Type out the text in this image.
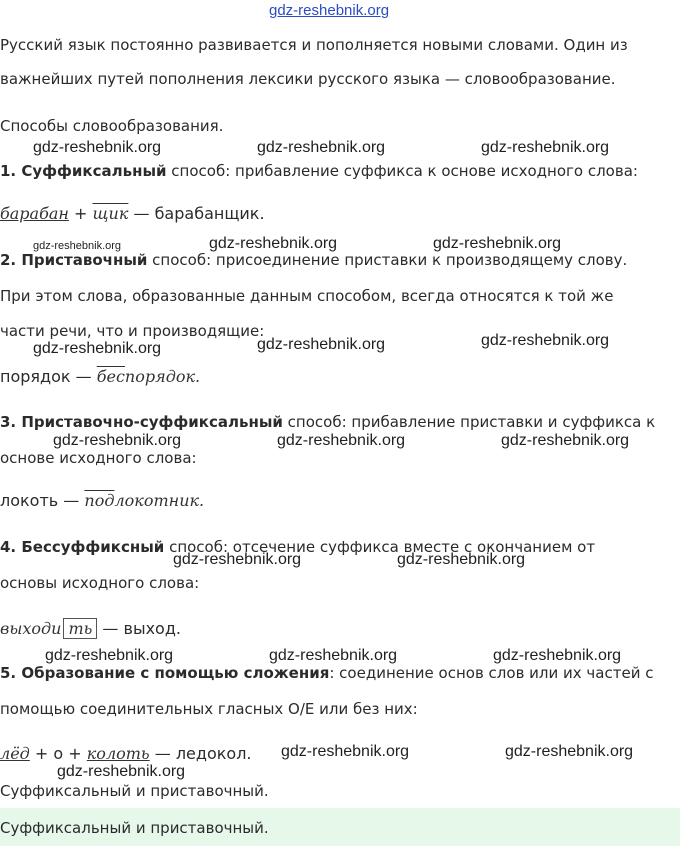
gdz-reshebnik.org
Русский язык постоянно развивается и пополняется новыми словами. Один из
важнейших путей пополнения лексики русского языка — словообразование.
Способы словообразования.
gdz-reshebnik.org	gdz-reshebnik.org	gdz-reshebnik.org
1. Суффиксальный способ: прибавление суффикса к основе исходного слова:
барабан + щик — барабанщик.
gdz-reshebnik.org	gdz-reshebnik.org	gdz-reshebnik.org
2. Приставочный способ: присоединение приставки к производящему слову.
При этом слова, образованные данным способом, всегда относятся к той же
части речи, что и производящие:
gdz-reshebnik.org	gdz-reshebnik.org	gdz-reshebnik.org
порядок — беспорядок.
3. Приставочно-суффиксальный способ: прибавление приставки и суффикса к
gdz-reshebnik.org	gdz-reshebnik.org	gdz-reshebnik.org
основе исходного слова:
локоть — подлокотник.
4. Бессуффиксный способ: отсечение суффикса вместе с окончанием от
gdz-reshebnik.org	gdz-reshebnik.org
основы исходного слова:
выходи ть — выход.
gdz-reshebnik.org	gdz-reshebnik.org	gdz-reshebnik.org
5. Образование с помощью сложения: соединение основ слов или их частей с
помощью соединительных гласных О/Е или без них:
лёд + о + колоть — ледокол. gdz-reshebnik.org	gdz-reshebnik.org
gdz-reshebnik.org
Суффиксальный и приставочный.
Суффиксальный и приставочный.
